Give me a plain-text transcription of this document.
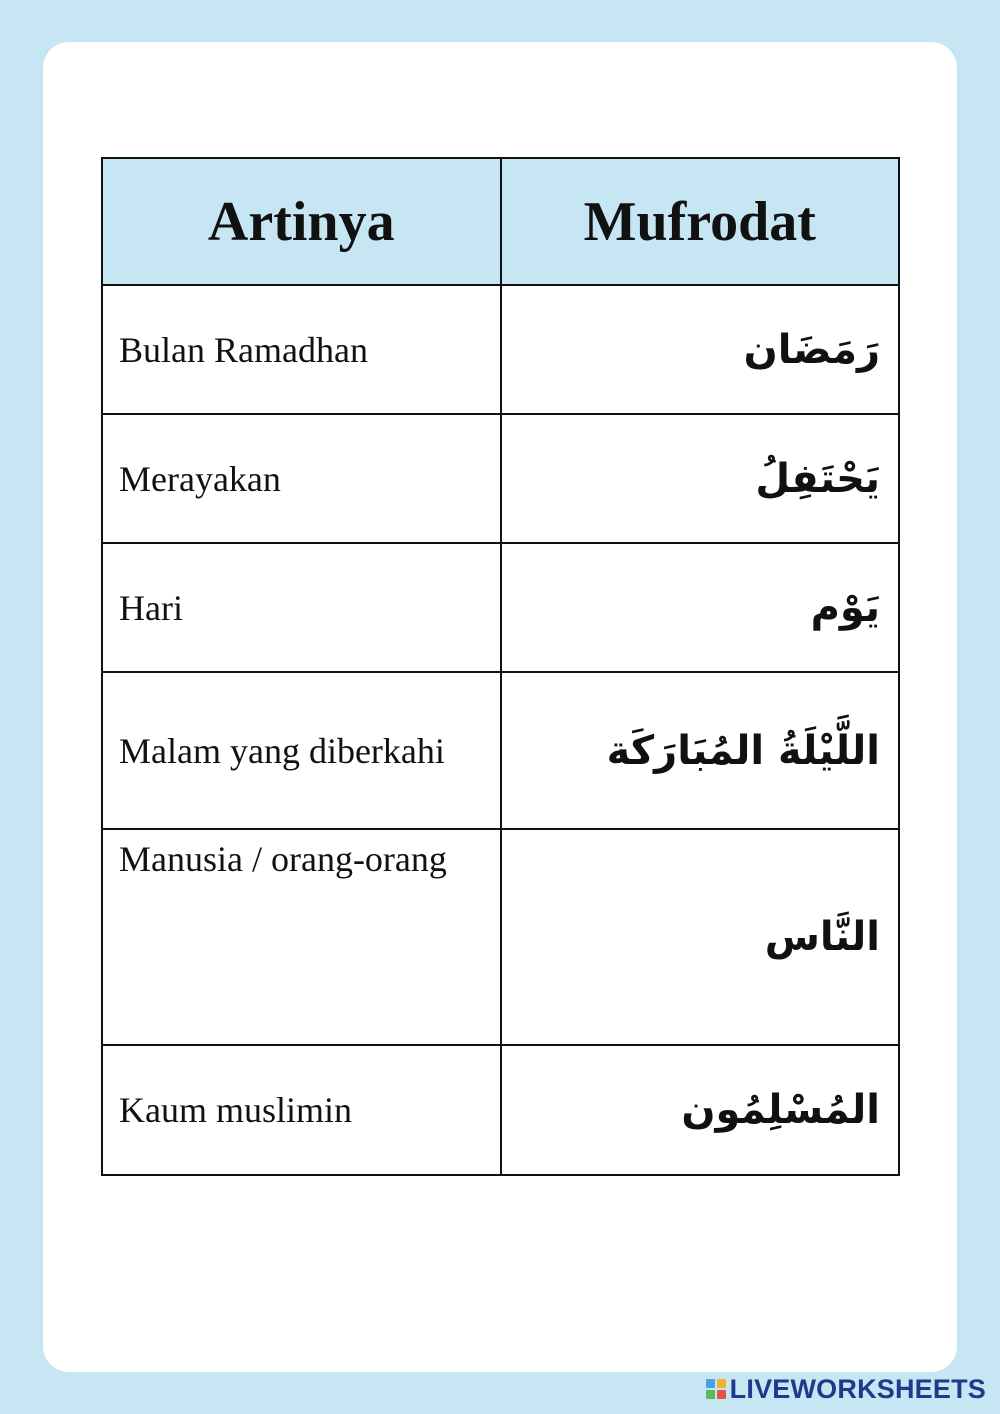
Artinya	Mufrodat
Bulan Ramadhan	رَمَضَان
Merayakan	يَحْتَفِلُ
Hari	يَوْم
Malam yang diberkahi	اللَّيْلَةُ المُبَارَكَة
Manusia / orang-orang	النَّاس
Kaum muslimin	المُسْلِمُون
LIVEWORKSHEETS
